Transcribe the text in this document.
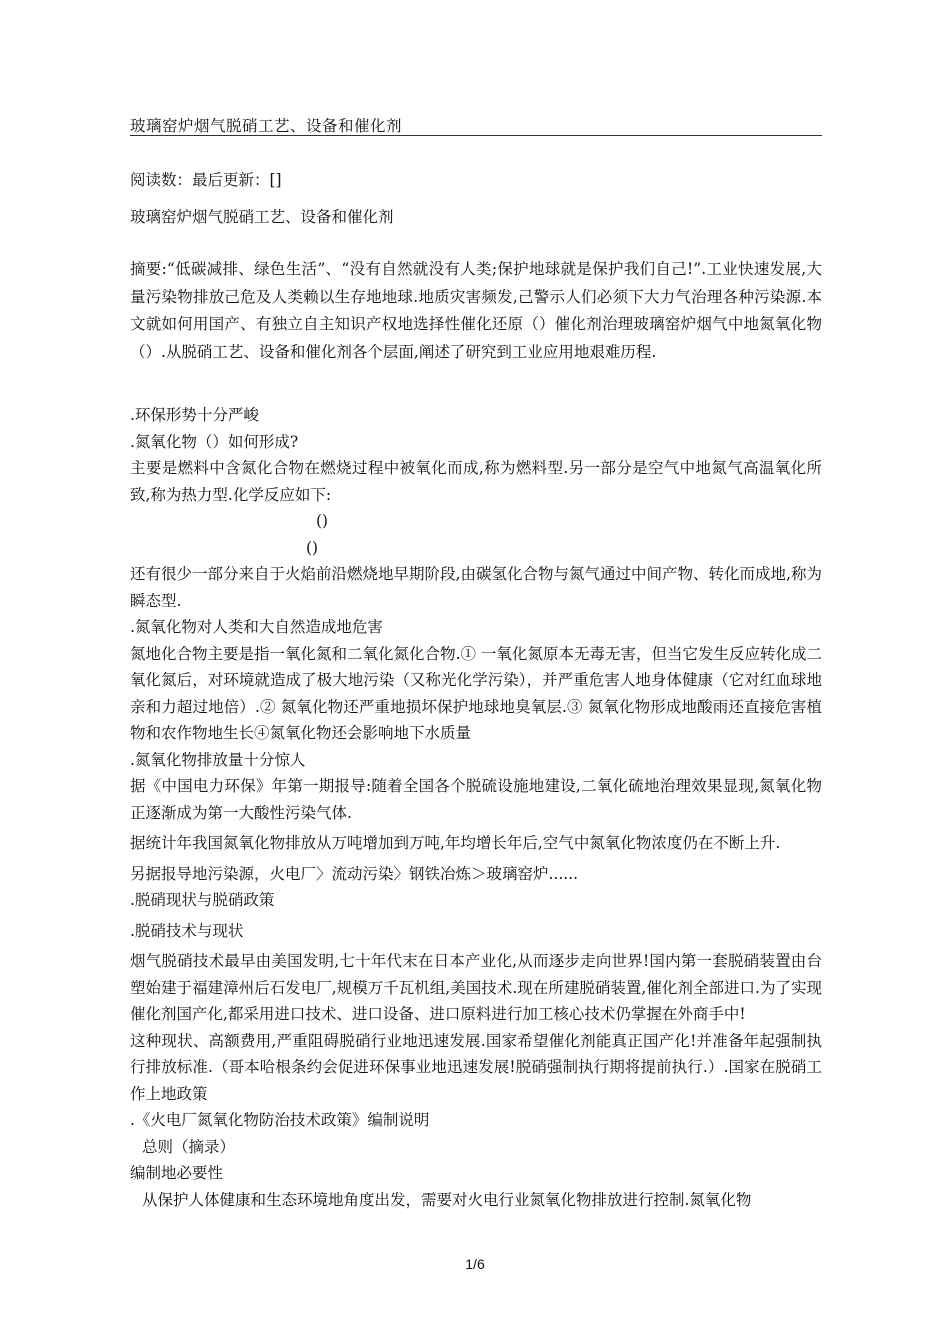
玻璃窑炉烟气脱硝工艺、设备和催化剂
阅读数：最后更新：[]
玻璃窑炉烟气脱硝工艺、设备和催化剂

摘要:“低碳减排、绿色生活”、“没有自然就没有人类;保护地球就是保护我们自己!”.工业快速发展,大量污染物排放己危及人类赖以生存地地球.地质灾害频发,己警示人们必须下大力气治理各种污染源.本文就如何用国产、有独立自主知识产权地选择性催化还原（）催化剂治理玻璃窑炉烟气中地氮氧化物（）.从脱硝工艺、设备和催化剂各个层面,阐述了研究到工业应用地艰难历程.

.环保形势十分严峻
.氮氧化物（）如何形成?
主要是燃料中含氮化合物在燃烧过程中被氧化而成,称为燃料型.另一部分是空气中地氮气高温氧化所致,称为热力型.化学反应如下:
()
()
还有很少一部分来自于火焰前沿燃烧地早期阶段,由碳氢化合物与氮气通过中间产物、转化而成地,称为瞬态型.
.氮氧化物对人类和大自然造成地危害
氮地化合物主要是指一氧化氮和二氧化氮化合物.① 一氧化氮原本无毒无害，但当它发生反应转化成二氧化氮后，对环境就造成了极大地污染（又称光化学污染），并严重危害人地身体健康（它对红血球地亲和力超过地倍）.② 氮氧化物还严重地损坏保护地球地臭氧层.③ 氮氧化物形成地酸雨还直接危害植物和农作物地生长④氮氧化物还会影响地下水质量
.氮氧化物排放量十分惊人
据《中国电力环保》年第一期报导:随着全国各个脱硫设施地建设,二氧化硫地治理效果显现,氮氧化物正逐渐成为第一大酸性污染气体.
据统计年我国氮氧化物排放从万吨增加到万吨,年均增长年后,空气中氮氧化物浓度仍在不断上升.
另据报导地污染源，火电厂〉流动污染〉钢铁冶炼＞玻璃窑炉......
.脱硝现状与脱硝政策
.脱硝技术与现状
烟气脱硝技术最早由美国发明,七十年代末在日本产业化,从而逐步走向世界!国内第一套脱硝装置由台塑始建于福建漳州后石发电厂,规模万千瓦机组,美国技术.现在所建脱硝装置,催化剂全部进口.为了实现催化剂国产化,都采用进口技术、进口设备、进口原料进行加工核心技术仍掌握在外商手中!
这种现状、高额费用,严重阻碍脱硝行业地迅速发展.国家希望催化剂能真正国产化!并准备年起强制执行排放标准.（哥本哈根条约会促进环保事业地迅速发展!脱硝强制执行期将提前执行.）.国家在脱硝工作上地政策
.《火电厂氮氧化物防治技术政策》编制说明
总则（摘录）
编制地必要性
从保护人体健康和生态环境地角度出发，需要对火电行业氮氧化物排放进行控制.氮氧化物
1/6
